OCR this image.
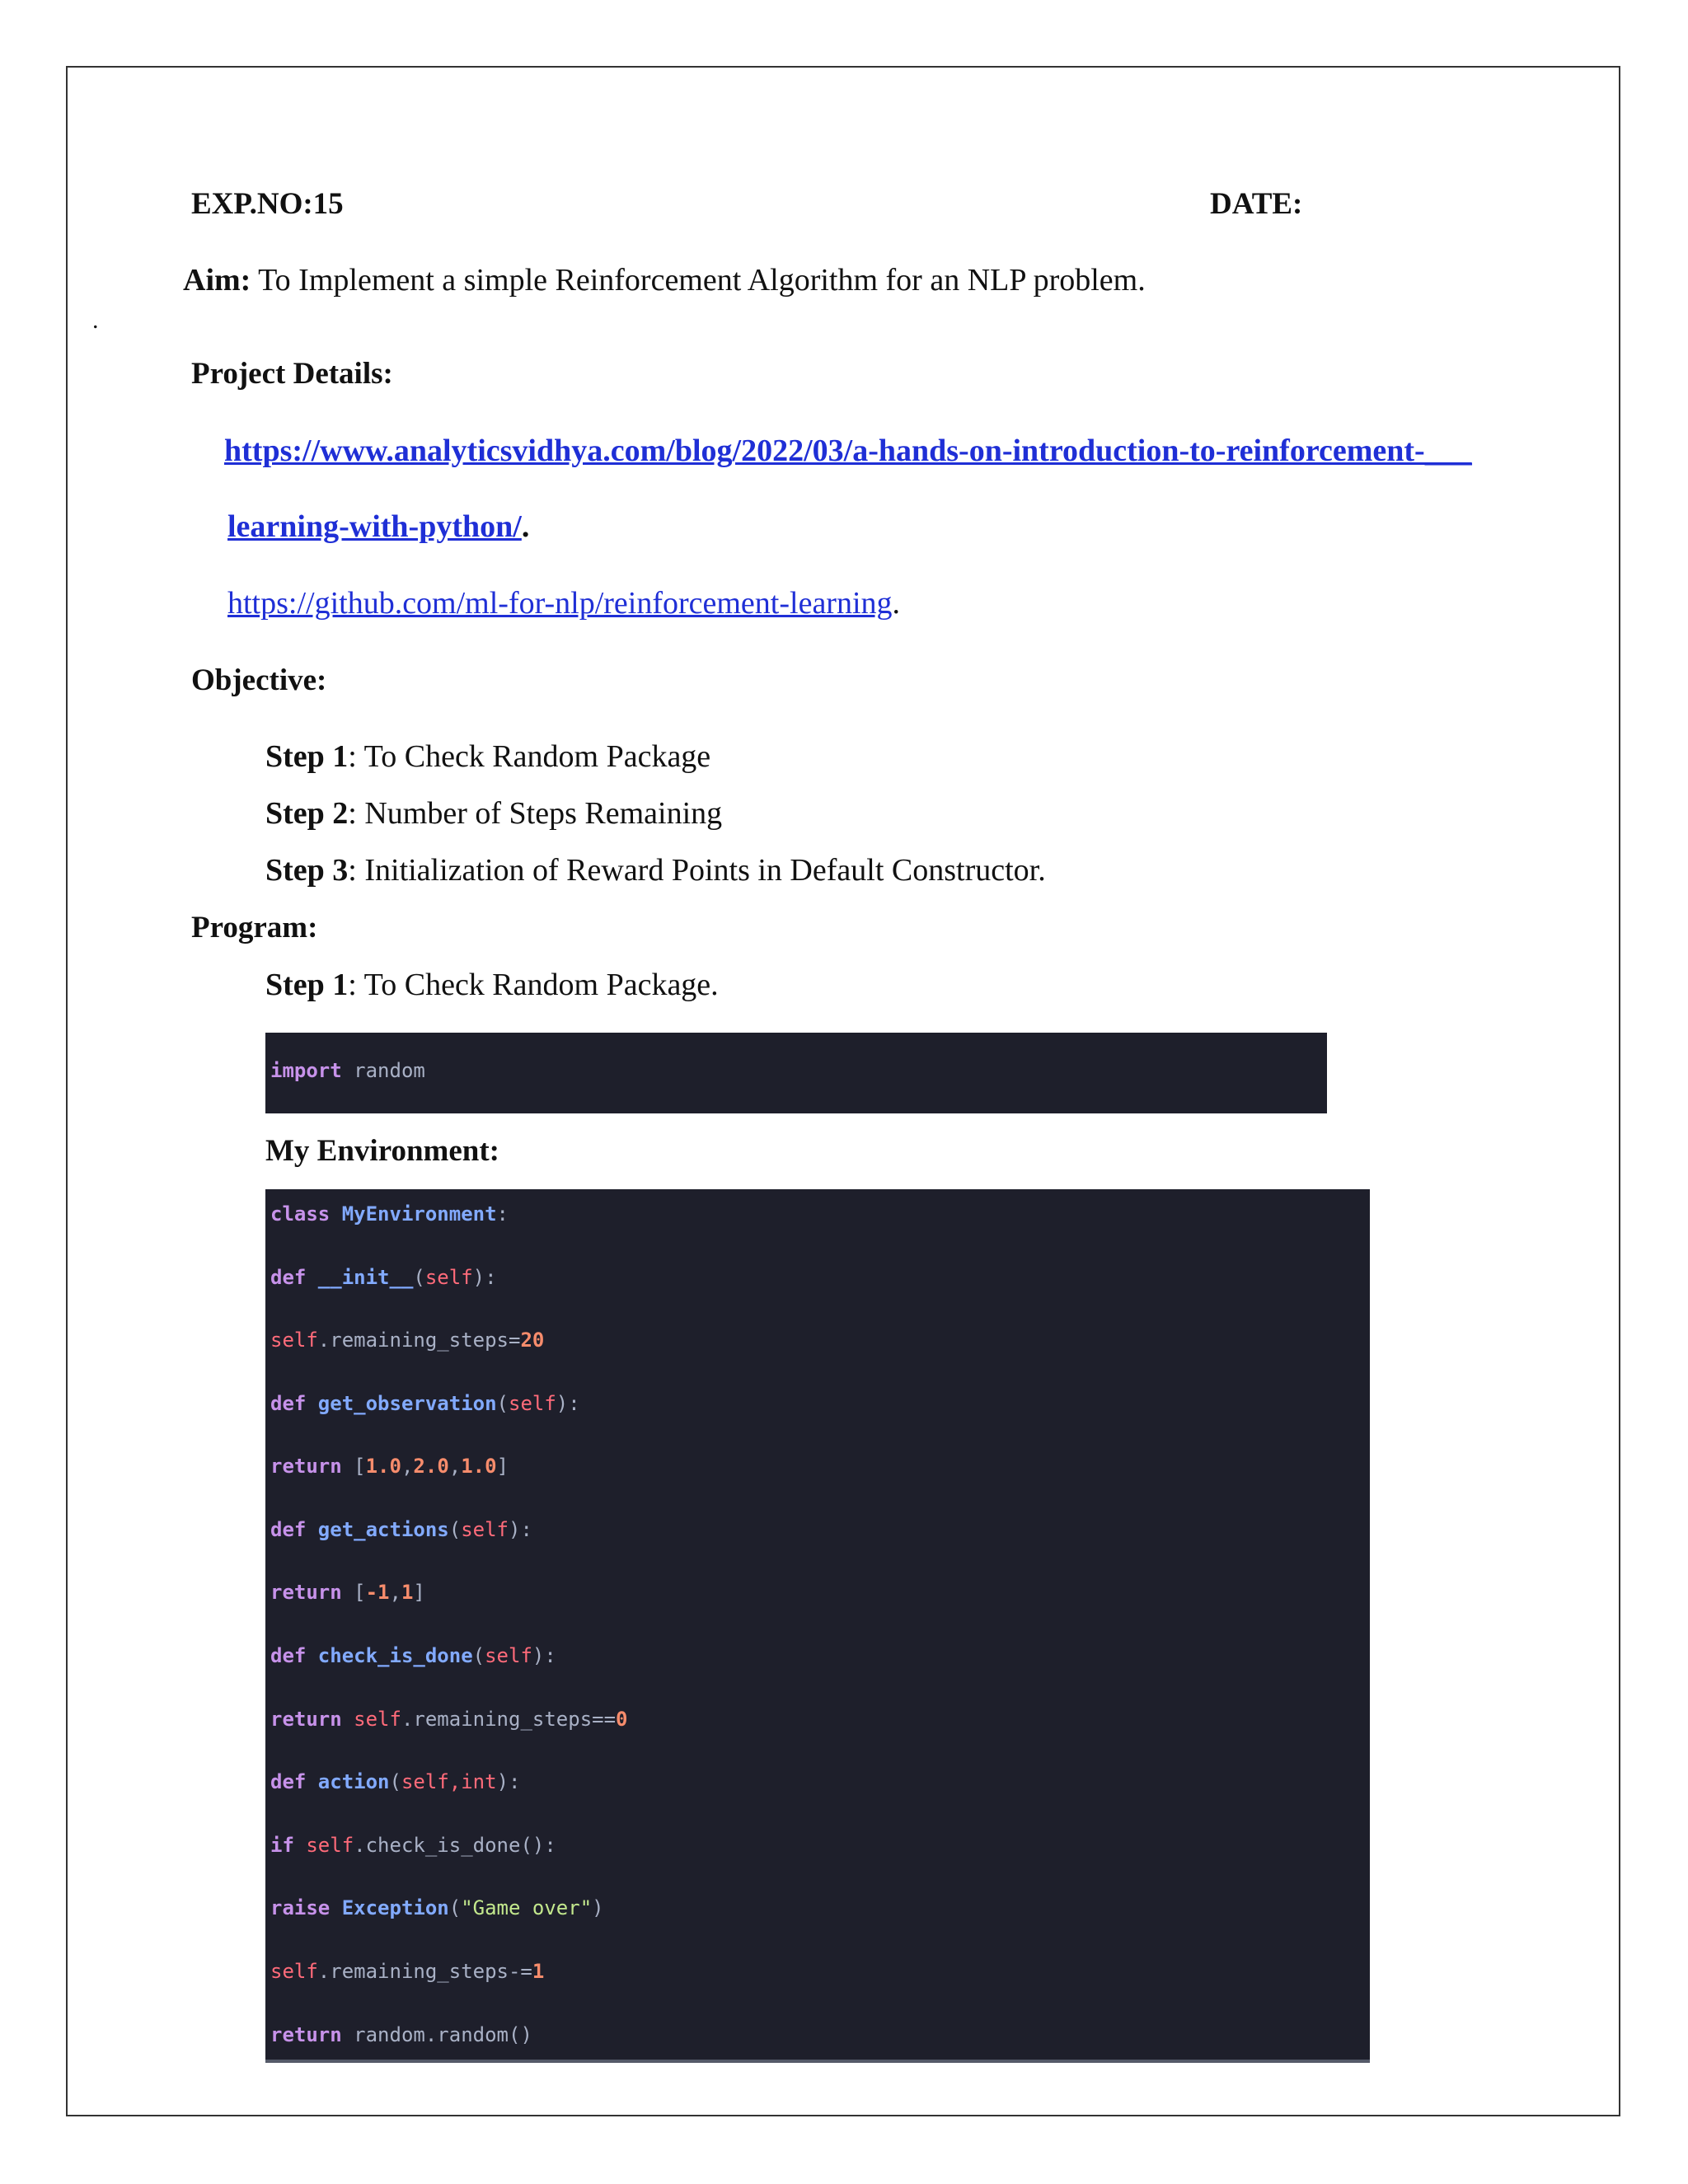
EXP.NO:15	DATE:
Aim: To Implement a simple Reinforcement Algorithm for an NLP problem.
.
Project Details:
https://www.analyticsvidhya.com/blog/2022/03/a-hands-on-introduction-to-reinforcement-___
learning-with-python/.
https://github.com/ml-for-nlp/reinforcement-learning.
Objective:
Step 1: To Check Random Package
Step 2: Number of Steps Remaining
Step 3: Initialization of Reward Points in Default Constructor.
Program:
Step 1: To Check Random Package.
import random
My Environment:
class MyEnvironment:
def __init__(self):
self.remaining_steps=20
def get_observation(self):
return [1.0,2.0,1.0]
def get_actions(self):
return [-1,1]
def check_is_done(self):
return self.remaining_steps==0
def action(self,int):
if self.check_is_done():
raise Exception("Game over")
self.remaining_steps-=1
return random.random()
